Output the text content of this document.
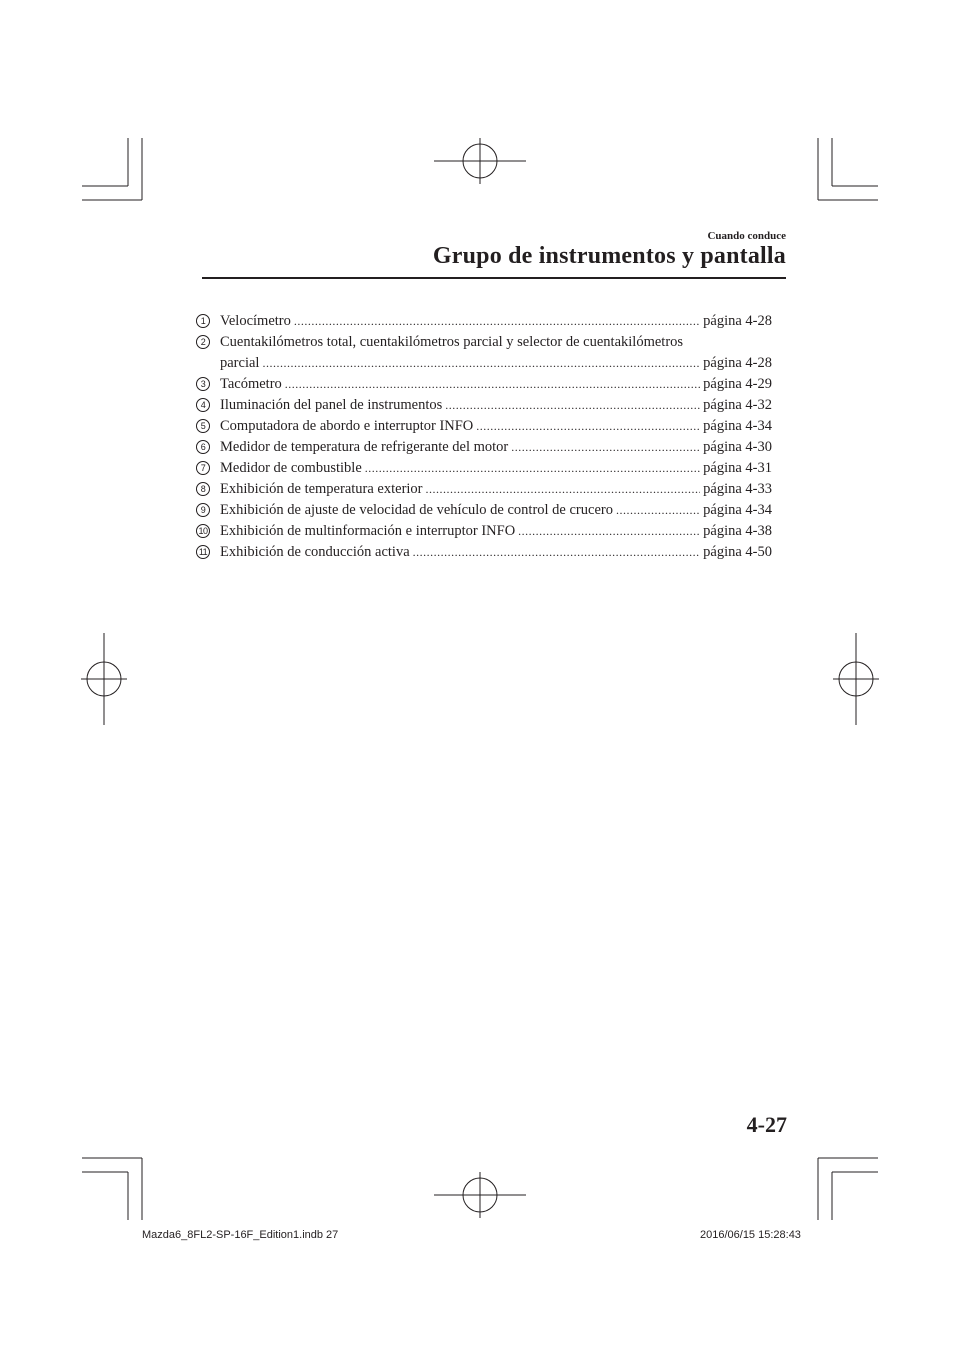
Cuando conduce
Grupo de instrumentos y pantalla
1	Velocímetro .....	página 4-28
2	Cuentakilómetros total, cuentakilómetros parcial y selector de cuentakilómetros
parcial .....	página 4-28
3	Tacómetro .....	página 4-29
4	Iluminación del panel de instrumentos .....	página 4-32
5	Computadora de abordo e interruptor INFO .....	página 4-34
6	Medidor de temperatura de refrigerante del motor .....	página 4-30
7	Medidor de combustible .....	página 4-31
8	Exhibición de temperatura exterior .....	página 4-33
9	Exhibición de ajuste de velocidad de vehículo de control de crucero .....	página 4-34
10 Exhibición de multinformación e interruptor INFO .....	página 4-38
11 Exhibición de conducción activa .....	página 4-50
4-27
Mazda6_8FL2-SP-16F_Edition1.indb 27	2016/06/15 15:28:43
